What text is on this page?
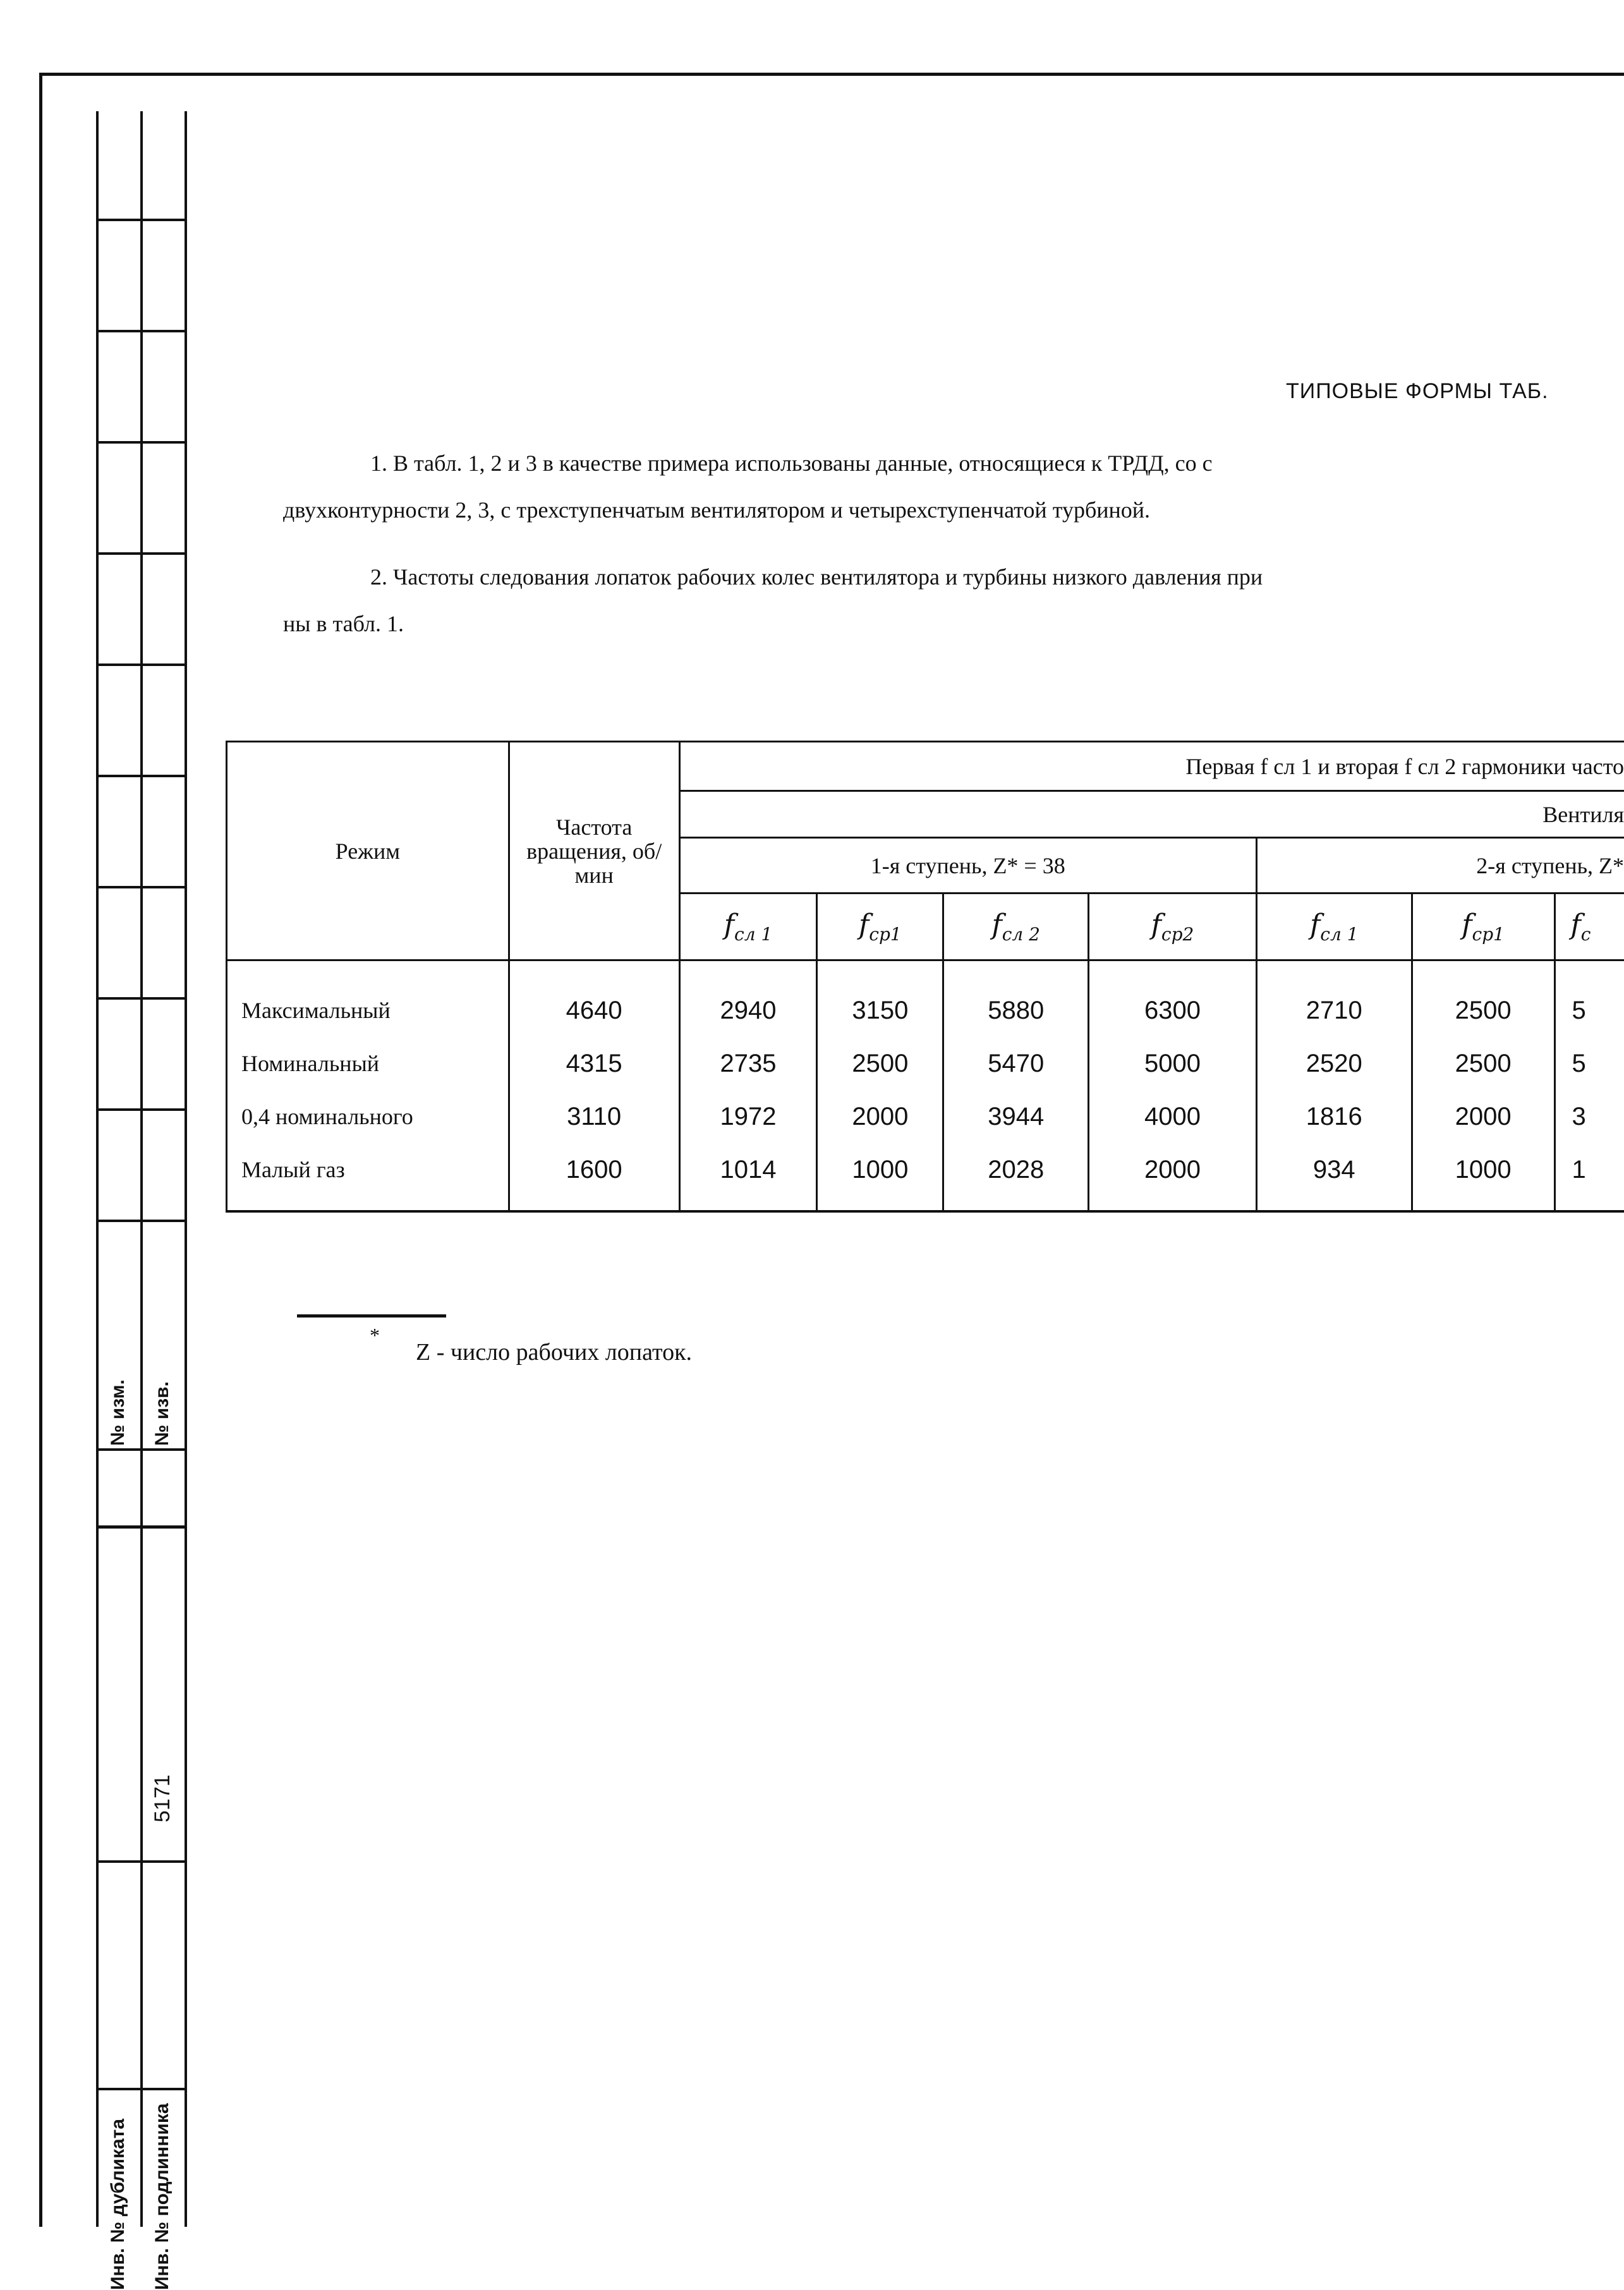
№ изм. № изв.
5171
Инв. № дубликата Инв. № подлинника
ТИПОВЫЕ ФОРМЫ ТАБ.
1. В табл. 1, 2 и 3 в качестве примера использованы данные, относящиеся к ТРДД, со с
двухконтурности 2, 3, с трехступенчатым вентилятором и четырехступенчатой турбиной.
2. Частоты следования лопаток рабочих колес вентилятора и турбины низкого давления при
ны в табл. 1.
Режим	Частота вращения, об/мин	Первая f сл 1 и вторая f сл 2 гармоники часто						
		Вентиля						
		1-я ступень, Z* = 38				2-я ступень, Z*		
		$f_{сл 1}$	$f_{ср1}$	$f_{сл 2}$	$f_{ср2}$	$f_{сл 1}$	$f_{ср1}$	$f_с$
Максимальный	4640	2940	3150	5880	6300	2710	2500	5
Номинальный	4315	2735	2500	5470	5000	2520	2500	5
0,4 номинального	3110	1972	2000	3944	4000	1816	2000	3
Малый газ	1600	1014	1000	2028	2000	934	1000	1
*
Z - число рабочих лопаток.
